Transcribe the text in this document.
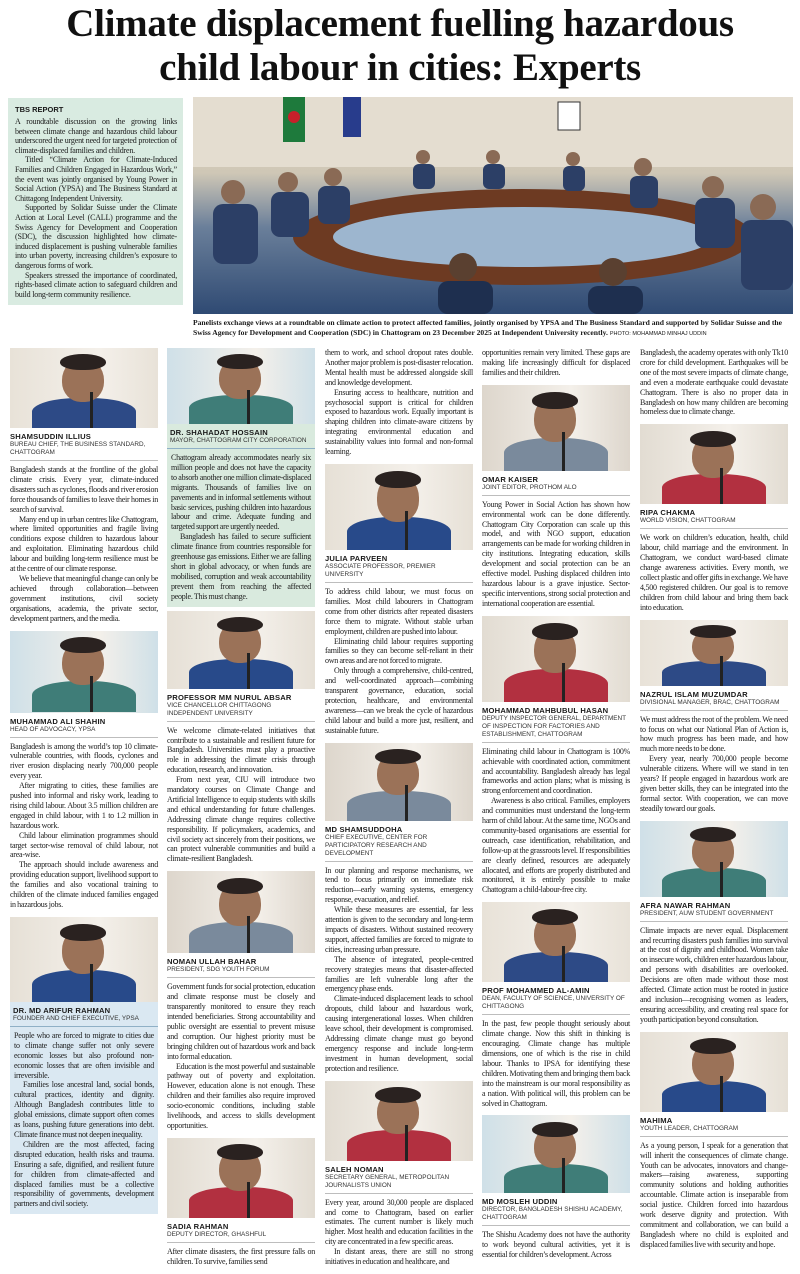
Climate displacement fuelling hazardous
child labour in cities: Experts
TBS REPORT

A roundtable discussion on the growing links between climate change and hazardous child labour underscored the urgent need for targeted protection of climate-displaced families and children.

Titled “Climate Action for Climate-Induced Families and Children Engaged in Hazardous Work,” the event was jointly organised by Young Power in Social Action (YPSA) and The Business Standard at Chittagong Independent University.

Supported by Solidar Suisse under the Climate Action at Local Level (CALL) programme and the Swiss Agency for Development and Cooperation (SDC), the discussion highlighted how climate-induced displacement is pushing vulnerable families into urban poverty, increasing children’s exposure to dangerous forms of work.

Speakers stressed the importance of coordinated, rights-based climate action to safeguard children and build long-term community resilience.

Panelists exchange views at a roundtable on climate action to protect affected families, jointly organised by YPSA and The Business Standard and supported by Solidar Suisse and the Swiss Agency for Development and Cooperation (SDC) in Chattogram on 23 December 2025 at Independent University recently. PHOTO: MOHAMMAD MINHAJ UDDIN
SHAMSUDDIN ILLIUS
BUREAU CHIEF, THE BUSINESS STANDARD, CHATTOGRAM

Bangladesh stands at the frontline of the global climate crisis. Every year, climate-induced disasters such as cyclones, floods and river erosion force thousands of families to leave their homes in search of survival.

Many end up in urban centres like Chattogram, where limited opportunities and fragile living conditions expose children to hazardous labour and exploitation. Eliminating hazardous child labour and building long-term resilience must be at the centre of our climate response.

We believe that meaningful change can only be achieved through collaboration—between government institutions, civil society organisations, academia, the private sector, development partners, and the media.

MUHAMMAD ALI SHAHIN
HEAD OF ADVOCACY, YPSA

Bangladesh is among the world’s top 10 climate-vulnerable countries, with floods, cyclones and river erosion displacing nearly 700,000 people every year.

After migrating to cities, these families are pushed into informal and risky work, leading to rising child labour. About 3.5 million children are engaged in child labour, with 1 to 1.2 million in hazardous work.

Child labour elimination programmes should target sector-wise removal of child labour, not area-wise.

The approach should include awareness and providing education support, livelihood support to the families and also vocational training to children of the climate induced families engaged in hazardous jobs.

DR. MD ARIFUR RAHMAN
FOUNDER AND CHIEF EXECUTIVE, YPSA

People who are forced to migrate to cities due to climate change suffer not only severe economic losses but also profound non-economic losses that are often invisible and irreversible.

Families lose ancestral land, social bonds, cultural practices, identity and dignity. Although Bangladesh contributes little to global emissions, climate support often comes as loans, pushing future generations into debt. Climate finance must not deepen inequality.

Children are the most affected, facing disrupted education, health risks and trauma. Ensuring a safe, dignified, and resilient future for children from climate-affected and displaced families must be a collective responsibility of governments, development partners and civil society.

DR. SHAHADAT HOSSAIN
MAYOR, CHATTOGRAM CITY CORPORATION

Chattogram already accommodates nearly six million people and does not have the capacity to absorb another one million climate-displaced migrants. Thousands of families live on pavements and in informal settlements without basic services, pushing children into hazardous labour and crime. Adequate funding and targeted support are urgently needed.

Bangladesh has failed to secure sufficient climate finance from countries responsible for greenhouse gas emissions. Either we are falling short in global advocacy, or when funds are mobilised, corruption and weak accountability prevent them from reaching the affected people. This must change.

PROFESSOR MM NURUL ABSAR
VICE CHANCELLOR CHITTAGONG INDEPENDENT UNIVERSITY

We welcome climate-related initiatives that contribute to a sustainable and resilient future for Bangladesh. Universities must play a proactive role in addressing the climate crisis through education, research, and innovation.

From next year, CIU will introduce two mandatory courses on Climate Change and Artificial Intelligence to equip students with skills and ethical understanding for future challenges. Addressing climate change requires collective responsibility. If policymakers, academics, and civil society act sincerely from their positions, we can protect vulnerable communities and build a climate-resilient Bangladesh.

NOMAN ULLAH BAHAR
PRESIDENT, SDG YOUTH FORUM

Government funds for social protection, education and climate response must be closely and transparently monitored to ensure they reach intended beneficiaries. Strong accountability and public oversight are essential to prevent misuse and corruption. Our highest priority must be bringing children out of hazardous work and back into formal education.

Education is the most powerful and sustainable pathway out of poverty and exploitation. However, education alone is not enough. These children and their families also require improved socio-economic conditions, including stable livelihoods, and access to skills development opportunities.

SADIA RAHMAN
DEPUTY DIRECTOR, GHASHFUL

After climate disasters, the first pressure falls on children. To survive, families send

them to work, and school dropout rates double. Another major problem is post-disaster relocation. Mental health must be addressed alongside skill and knowledge development.

Ensuring access to healthcare, nutrition and psychosocial support is critical for children exposed to hazardous work. Equally important is shaping children into climate-aware citizens by integrating environmental education and sustainability values into formal and non-formal learning.

JULIA PARVEEN
ASSOCIATE PROFESSOR, PREMIER UNIVERSITY

To address child labour, we must focus on families. Most child labourers in Chattogram come from other districts after repeated disasters force them to migrate. Without stable urban employment, children are pushed into labour.

Eliminating child labour requires supporting families so they can become self-reliant in their own areas and are not forced to migrate.

Only through a comprehensive, child-centred, and well-coordinated approach—combining transparent governance, education, social protection, healthcare, and environmental awareness—can we break the cycle of hazardous child labour and build a more just, resilient, and sustainable future.

MD SHAMSUDDOHA
CHIEF EXECUTIVE, CENTER FOR PARTICIPATORY RESEARCH AND DEVELOPMENT

In our planning and response mechanisms, we tend to focus primarily on immediate risk reduction—early warning systems, emergency response, evacuation, and relief.

While these measures are essential, far less attention is given to the secondary and long-term impacts of disasters. Without sustained recovery support, affected families are forced to migrate to cities, increasing urban pressure.

The absence of integrated, people-centred recovery strategies means that disaster-affected families are left vulnerable long after the emergency phase ends.

Climate-induced displacement leads to school dropouts, child labour and hazardous work, causing intergenerational losses. When children leave school, their development is compromised. Addressing climate change must go beyond emergency response and include long-term investment in human development, social protection and resilience.

SALEH NOMAN
SECRETARY GENERAL, METROPOLITAN JOURNALISTS UNION

Every year, around 30,000 people are displaced and come to Chattogram, based on earlier estimates. The current number is likely much higher. Most health and education facilities in the city are concentrated in a few specific areas.

In distant areas, there are still no strong initiatives in education and healthcare, and

opportunities remain very limited. These gaps are making life increasingly difficult for displaced families and their children.

OMAR KAISER
JOINT EDITOR, PROTHOM ALO

Young Power in Social Action has shown how environmental work can be done differently. Chattogram City Corporation can scale up this model, and with NGO support, education arrangements can be made for working children in city institutions. Integrating education, skills development and social protection can be an effective model. Pushing displaced children into hazardous labour is a grave injustice. Sector-specific interventions, strong social protection and international cooperation are essential.

MOHAMMAD MAHBUBUL HASAN
DEPUTY INSPECTOR GENERAL, DEPARTMENT OF INSPECTION FOR FACTORIES AND ESTABLISHMENT, CHATTOGRAM

Eliminating child labour in Chattogram is 100% achievable with coordinated action, commitment and accountability. Bangladesh already has legal frameworks and action plans; what is missing is strong enforcement and coordination.

Awareness is also critical. Families, employers and communities must understand the long-term harm of child labour. At the same time, NGOs and community-based organisations are essential for outreach, case identification, rehabilitation, and follow-up at the grassroots level. If responsibilities are clearly defined, resources are adequately allocated, and efforts are properly distributed and monitored, it is entirely possible to make Chattogram a child-labour-free city.

PROF MOHAMMED AL-AMIN
DEAN, FACULTY OF SCIENCE, UNIVERSITY OF CHITTAGONG

In the past, few people thought seriously about climate change. Now this shift in thinking is encouraging. Climate change has multiple dimensions, one of which is the rise in child labour. Thanks to IPSA for identifying these children. Motivating them and bringing them back into the mainstream is our moral responsibility as a nation. With political will, this problem can be solved in Chattogram.

MD MOSLEH UDDIN
DIRECTOR, BANGLADESH SHISHU ACADEMY, CHATTOGRAM

The Shishu Academy does not have the authority to work beyond cultural activities, yet it is essential for children’s development. Across

Bangladesh, the academy operates with only Tk10 crore for child development. Earthquakes will be one of the most severe impacts of climate change, and even a moderate earthquake could devastate Chattogram. There is also no proper data in Bangladesh on how many children are becoming homeless due to climate change.

RIPA CHAKMA
WORLD VISION, CHATTOGRAM

We work on children’s education, health, child labour, child marriage and the environment. In Chattogram, we conduct ward-based climate change awareness activities. Every month, we collect plastic and offer gifts in exchange. We have 4,500 registered children. Our goal is to remove children from child labour and bring them back into education.

NAZRUL ISLAM MUZUMDAR
DIVISIONAL MANAGER, BRAC, CHATTOGRAM

We must address the root of the problem. We need to focus on what our National Plan of Action is, how much progress has been made, and how much more needs to be done.

Every year, nearly 700,000 people become vulnerable citizens. Where will we stand in ten years? If people engaged in hazardous work are given better skills, they can be integrated into the formal sector. With cooperation, we can move steadily toward our goals.

AFRA NAWAR RAHMAN
PRESIDENT, AUW STUDENT GOVERNMENT

Climate impacts are never equal. Displacement and recurring disasters push families into survival at the cost of dignity and childhood. Women take on insecure work, children enter hazardous labour, and persons with disabilities are overlooked. Decisions are often made without those most affected. Climate action must be rooted in justice and inclusion—recognising women as leaders, ensuring accessibility, and creating real space for youth participation beyond consultation.

MAHIMA
YOUTH LEADER, CHATTOGRAM

As a young person, I speak for a generation that will inherit the consequences of climate change. Youth can be advocates, innovators and change-makers—raising awareness, supporting community solutions and holding authorities accountable. Climate action is inseparable from social justice. Children forced into hazardous work deserve dignity and protection. With commitment and collaboration, we can build a Bangladesh where no child is exploited and displaced families live with security and hope.
